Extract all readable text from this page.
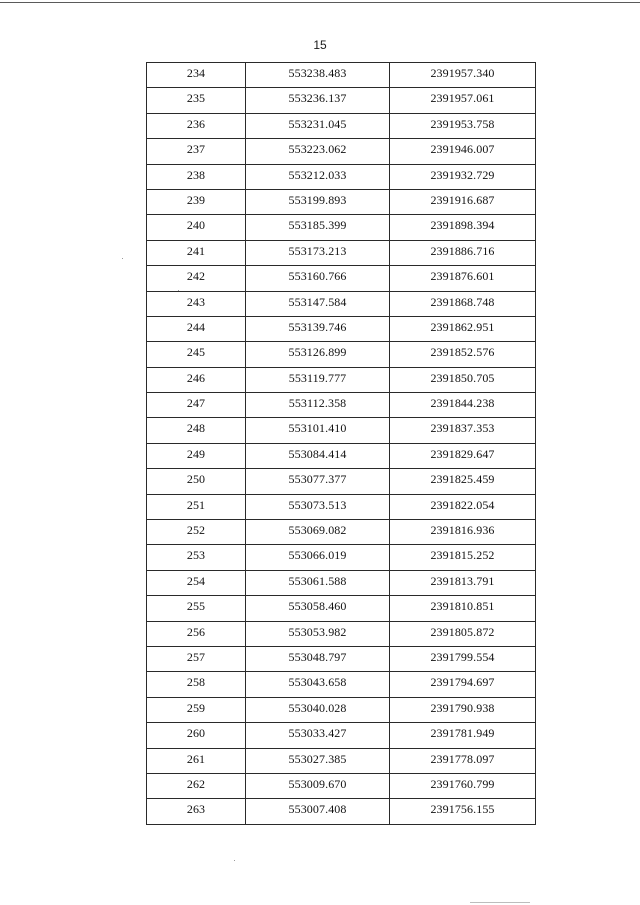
15
234	553238.483	2391957.340
235	553236.137	2391957.061
236	553231.045	2391953.758
237	553223.062	2391946.007
238	553212.033	2391932.729
239	553199.893	2391916.687
240	553185.399	2391898.394
241	553173.213	2391886.716
242	553160.766	2391876.601
243	553147.584	2391868.748
244	553139.746	2391862.951
245	553126.899	2391852.576
246	553119.777	2391850.705
247	553112.358	2391844.238
248	553101.410	2391837.353
249	553084.414	2391829.647
250	553077.377	2391825.459
251	553073.513	2391822.054
252	553069.082	2391816.936
253	553066.019	2391815.252
254	553061.588	2391813.791
255	553058.460	2391810.851
256	553053.982	2391805.872
257	553048.797	2391799.554
258	553043.658	2391794.697
259	553040.028	2391790.938
260	553033.427	2391781.949
261	553027.385	2391778.097
262	553009.670	2391760.799
263	553007.408	2391756.155
